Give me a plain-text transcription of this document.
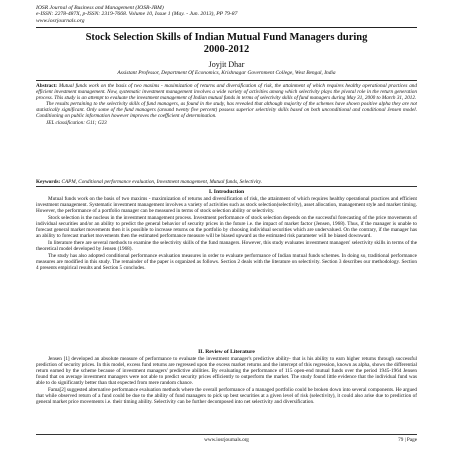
IOSR Journal of Business and Management (IOSR-JBM)
e-ISSN: 2278-487X, p-ISSN: 2319-7668. Volume 10, Issue 1 (May. - Jun. 2013), PP 79-87
www.iosrjournals.org
Stock Selection Skills of Indian Mutual Fund Managers during
2000-2012
Joyjit Dhar
Assistant Professor, Department Of Economics, Krishnagar Government College, West Bengal, India

Abstract: Mutual funds work on the basis of two maxims - maximization of returns and diversification of risk, the attainment of which requires healthy operational practices and efficient investment management. Now, systematic investment management involves a wide variety of activities among which selectivity plays the pivotal role in the return generation process. This study is an attempt to evaluate the investment management of Indian mutual funds in terms of selectivity skills of fund managers during May 31, 2000 to March 31, 2012.

The results pertaining to the selectivity skills of fund managers, as found in the study, has revealed that although majority of the schemes have shown positive alpha they are not statistically significant. Only some of the fund managers (around twenty five percent) possess superior selectivity skills based on both unconditional and conditional Jensen model. Conditioning on public information however improves the coefficient of determination.

JEL classification: G11; G23

Keywords: CAPM, Conditional performance evaluation, Investment management, Mutual funds, Selectivity.
I. Introduction

Mutual funds work on the basis of two maxims - maximization of returns and diversification of risk, the attainment of which requires healthy operational practices and efficient investment management. Systematic investment management involves a variety of activities such as stock selection(selectivity), asset allocation, management style and market timing. However, the performance of a portfolio manager can be measured in terms of stock selection ability or selectivity.

Stock selection is the nucleus in the investment management process. Investment performance of stock selection depends on the successful forecasting of the price movements of individual securities and/or an ability to predict the general behavior of security prices in the future i.e. the impact of market factor (Jensen, 1968). Thus, if the manager is unable to forecast general market movements then it is possible to increase returns on the portfolio by choosing individual securities which are undervalued. On the contrary, if the manager has an ability to forecast market movements then the estimated performance measure will be biased upward as the estimated risk parameter will be biased downward.

In literature there are several methods to examine the selectivity skills of the fund managers. However, this study evaluates investment managers' selectivity skills in terms of the theoretical model developed by Jensen (1968).

The study has also adopted conditional performance evaluation measures in order to evaluate performance of Indian mutual funds schemes. In doing so, traditional performance measures are modified in this study. The remainder of the paper is organized as follows. Section 2 deals with the literature on selectivity. Section 3 describes our methodology. Section 4 presents empirical results and Section 5 concludes.

II. Review of Literature

Jensen [1] developed an absolute measure of performance to evaluate the investment manager's predictive ability- that is his ability to earn higher returns through successful prediction of security prices. In this model, excess fund returns are regressed upon the excess market returns and the intercept of this regression, known as alpha, shows the differential return earned by the scheme because of investment managers' predictive abilities. By evaluating the performance of 115 open-end mutual funds over the period 1945-1964 Jensen found that on average investment managers were not able to predict security prices efficiently to outperform the market. The study found little evidence that the individual fund was able to do significantly better than that expected from mere random chance.

Fama[2] suggested alternative performance evaluation methods where the overall performance of a managed portfolio could be broken down into several components. He argued that while observed return of a fund could be due to the ability of fund managers to pick up best securities at a given level of risk (selectivity), it could also arise due to prediction of general market price movements i.e. their timing ability. Selectivity can be further decomposed into net selectivity and diversification.

www.iosrjournals.org	79 | Page
